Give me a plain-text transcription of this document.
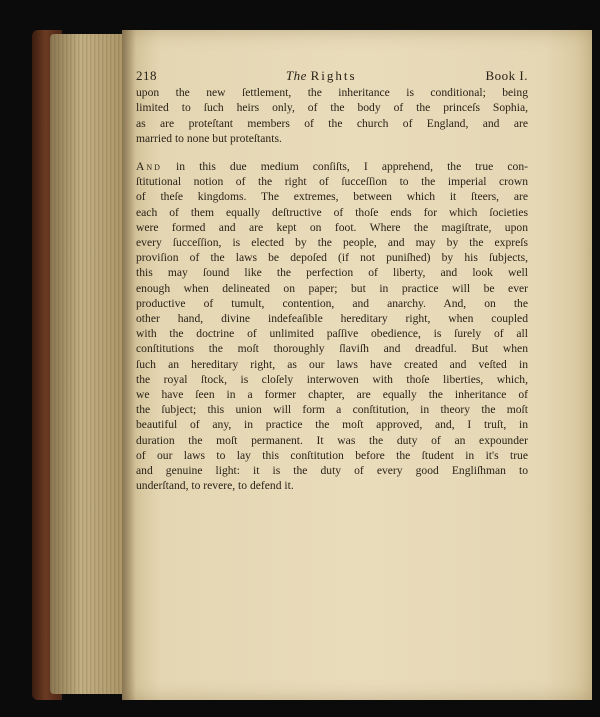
218	The Rights	Book I.
upon the new ſettlement, the inheritance is conditional; being
limited to ſuch heirs only, of the body of the princeſs Sophia,
as are proteſtant members of the church of England, and are
married to none but proteſtants.
And in this due medium conſiſts, I apprehend, the true con-
ſtitutional notion of the right of ſucceſſion to the imperial crown
of theſe kingdoms. The extremes, between which it ſteers, are
each of them equally deſtructive of thoſe ends for which ſocieties
were formed and are kept on foot. Where the magiſtrate, upon
every ſucceſſion, is elected by the people, and may by the expreſs
proviſion of the laws be depoſed (if not puniſhed) by his ſubjects,
this may ſound like the perfection of liberty, and look well
enough when delineated on paper; but in practice will be ever
productive of tumult, contention, and anarchy. And, on the
other hand, divine indefeaſible hereditary right, when coupled
with the doctrine of unlimited paſſive obedience, is ſurely of all
conſtitutions the moſt thoroughly ſlaviſh and dreadful. But when
ſuch an hereditary right, as our laws have created and veſted in
the royal ſtock, is cloſely interwoven with thoſe liberties, which,
we have ſeen in a former chapter, are equally the inheritance of
the ſubject; this union will form a conſtitution, in theory the moſt
beautiful of any, in practice the moſt approved, and, I truſt, in
duration the moſt permanent. It was the duty of an expounder
of our laws to lay this conſtitution before the ſtudent in it's true
and genuine light: it is the duty of every good Engliſhman to
underſtand, to revere, to defend it.
